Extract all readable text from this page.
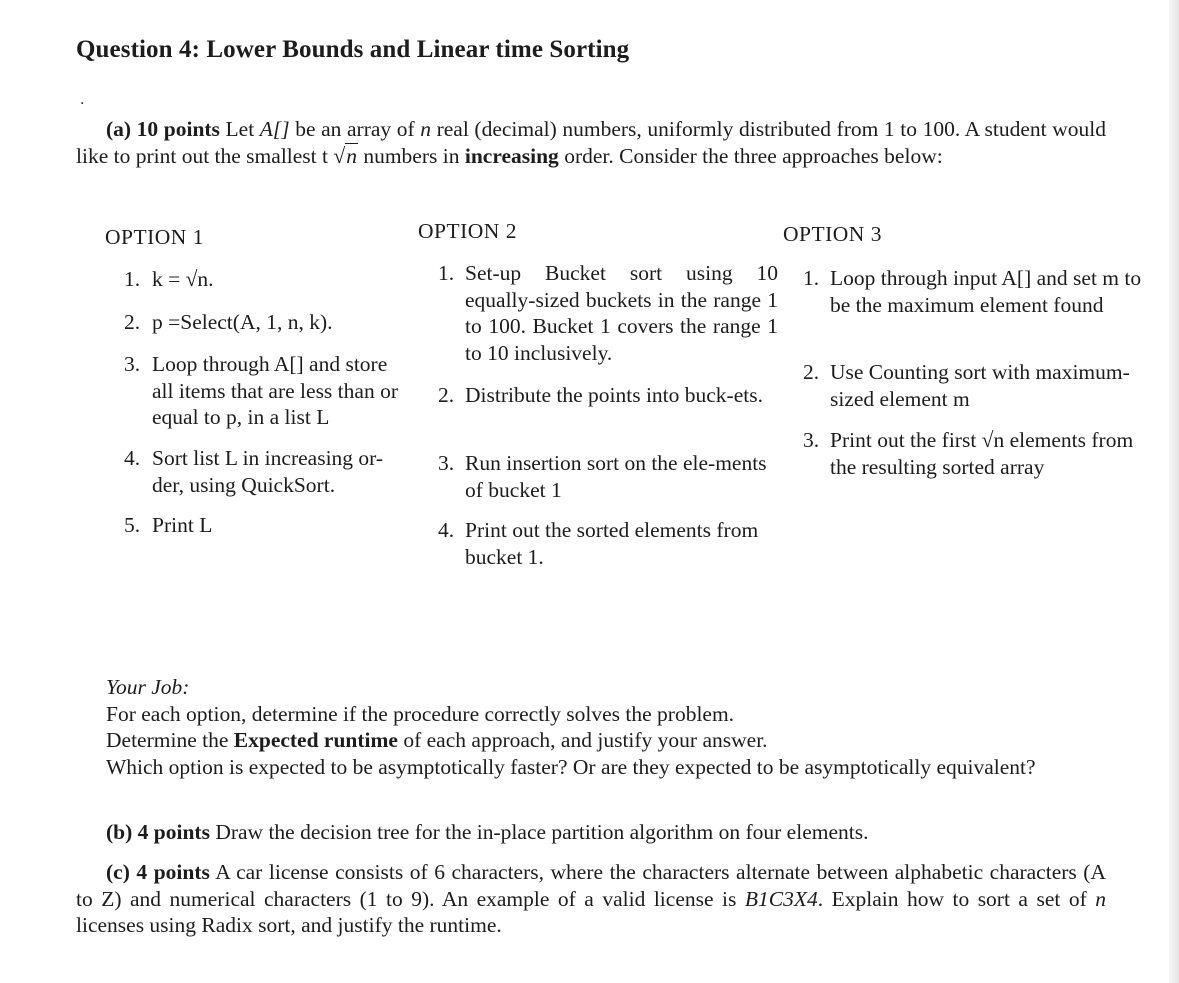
Question 4: Lower Bounds and Linear time Sorting
.

(a) 10 points Let A[] be an array of n real (decimal) numbers, uniformly distributed from 1 to 100. A student would like to print out the smallest t √n numbers in increasing order. Consider the three approaches below:

OPTION 1	OPTION 2	OPTION 3
1. k = √n.
2. p =Select(A, 1, n, k).
3. Loop through A[] and store all items that are less than or equal to p, in a list L
4. Sort list L in increasing or-der, using QuickSort.
5. Print L
1. Set-up Bucket sort using 10 equally-sized buckets in the range 1 to 100. Bucket 1 covers the range 1 to 10 inclusively.
2. Distribute the points into buck-ets.
3. Run insertion sort on the ele-ments of bucket 1
4. Print out the sorted elements from bucket 1.
1. Loop through input A[] and set m to be the maximum element found
2. Use Counting sort with maximum-sized element m
3. Print out the first √n elements from the resulting sorted array
Your Job:
For each option, determine if the procedure correctly solves the problem.
Determine the Expected runtime of each approach, and justify your answer.
Which option is expected to be asymptotically faster? Or are they expected to be asymptotically equivalent?
(b) 4 points Draw the decision tree for the in-place partition algorithm on four elements.
(c) 4 points A car license consists of 6 characters, where the characters alternate between alphabetic characters (A to Z) and numerical characters (1 to 9). An example of a valid license is B1C3X4. Explain how to sort a set of n licenses using Radix sort, and justify the runtime.
